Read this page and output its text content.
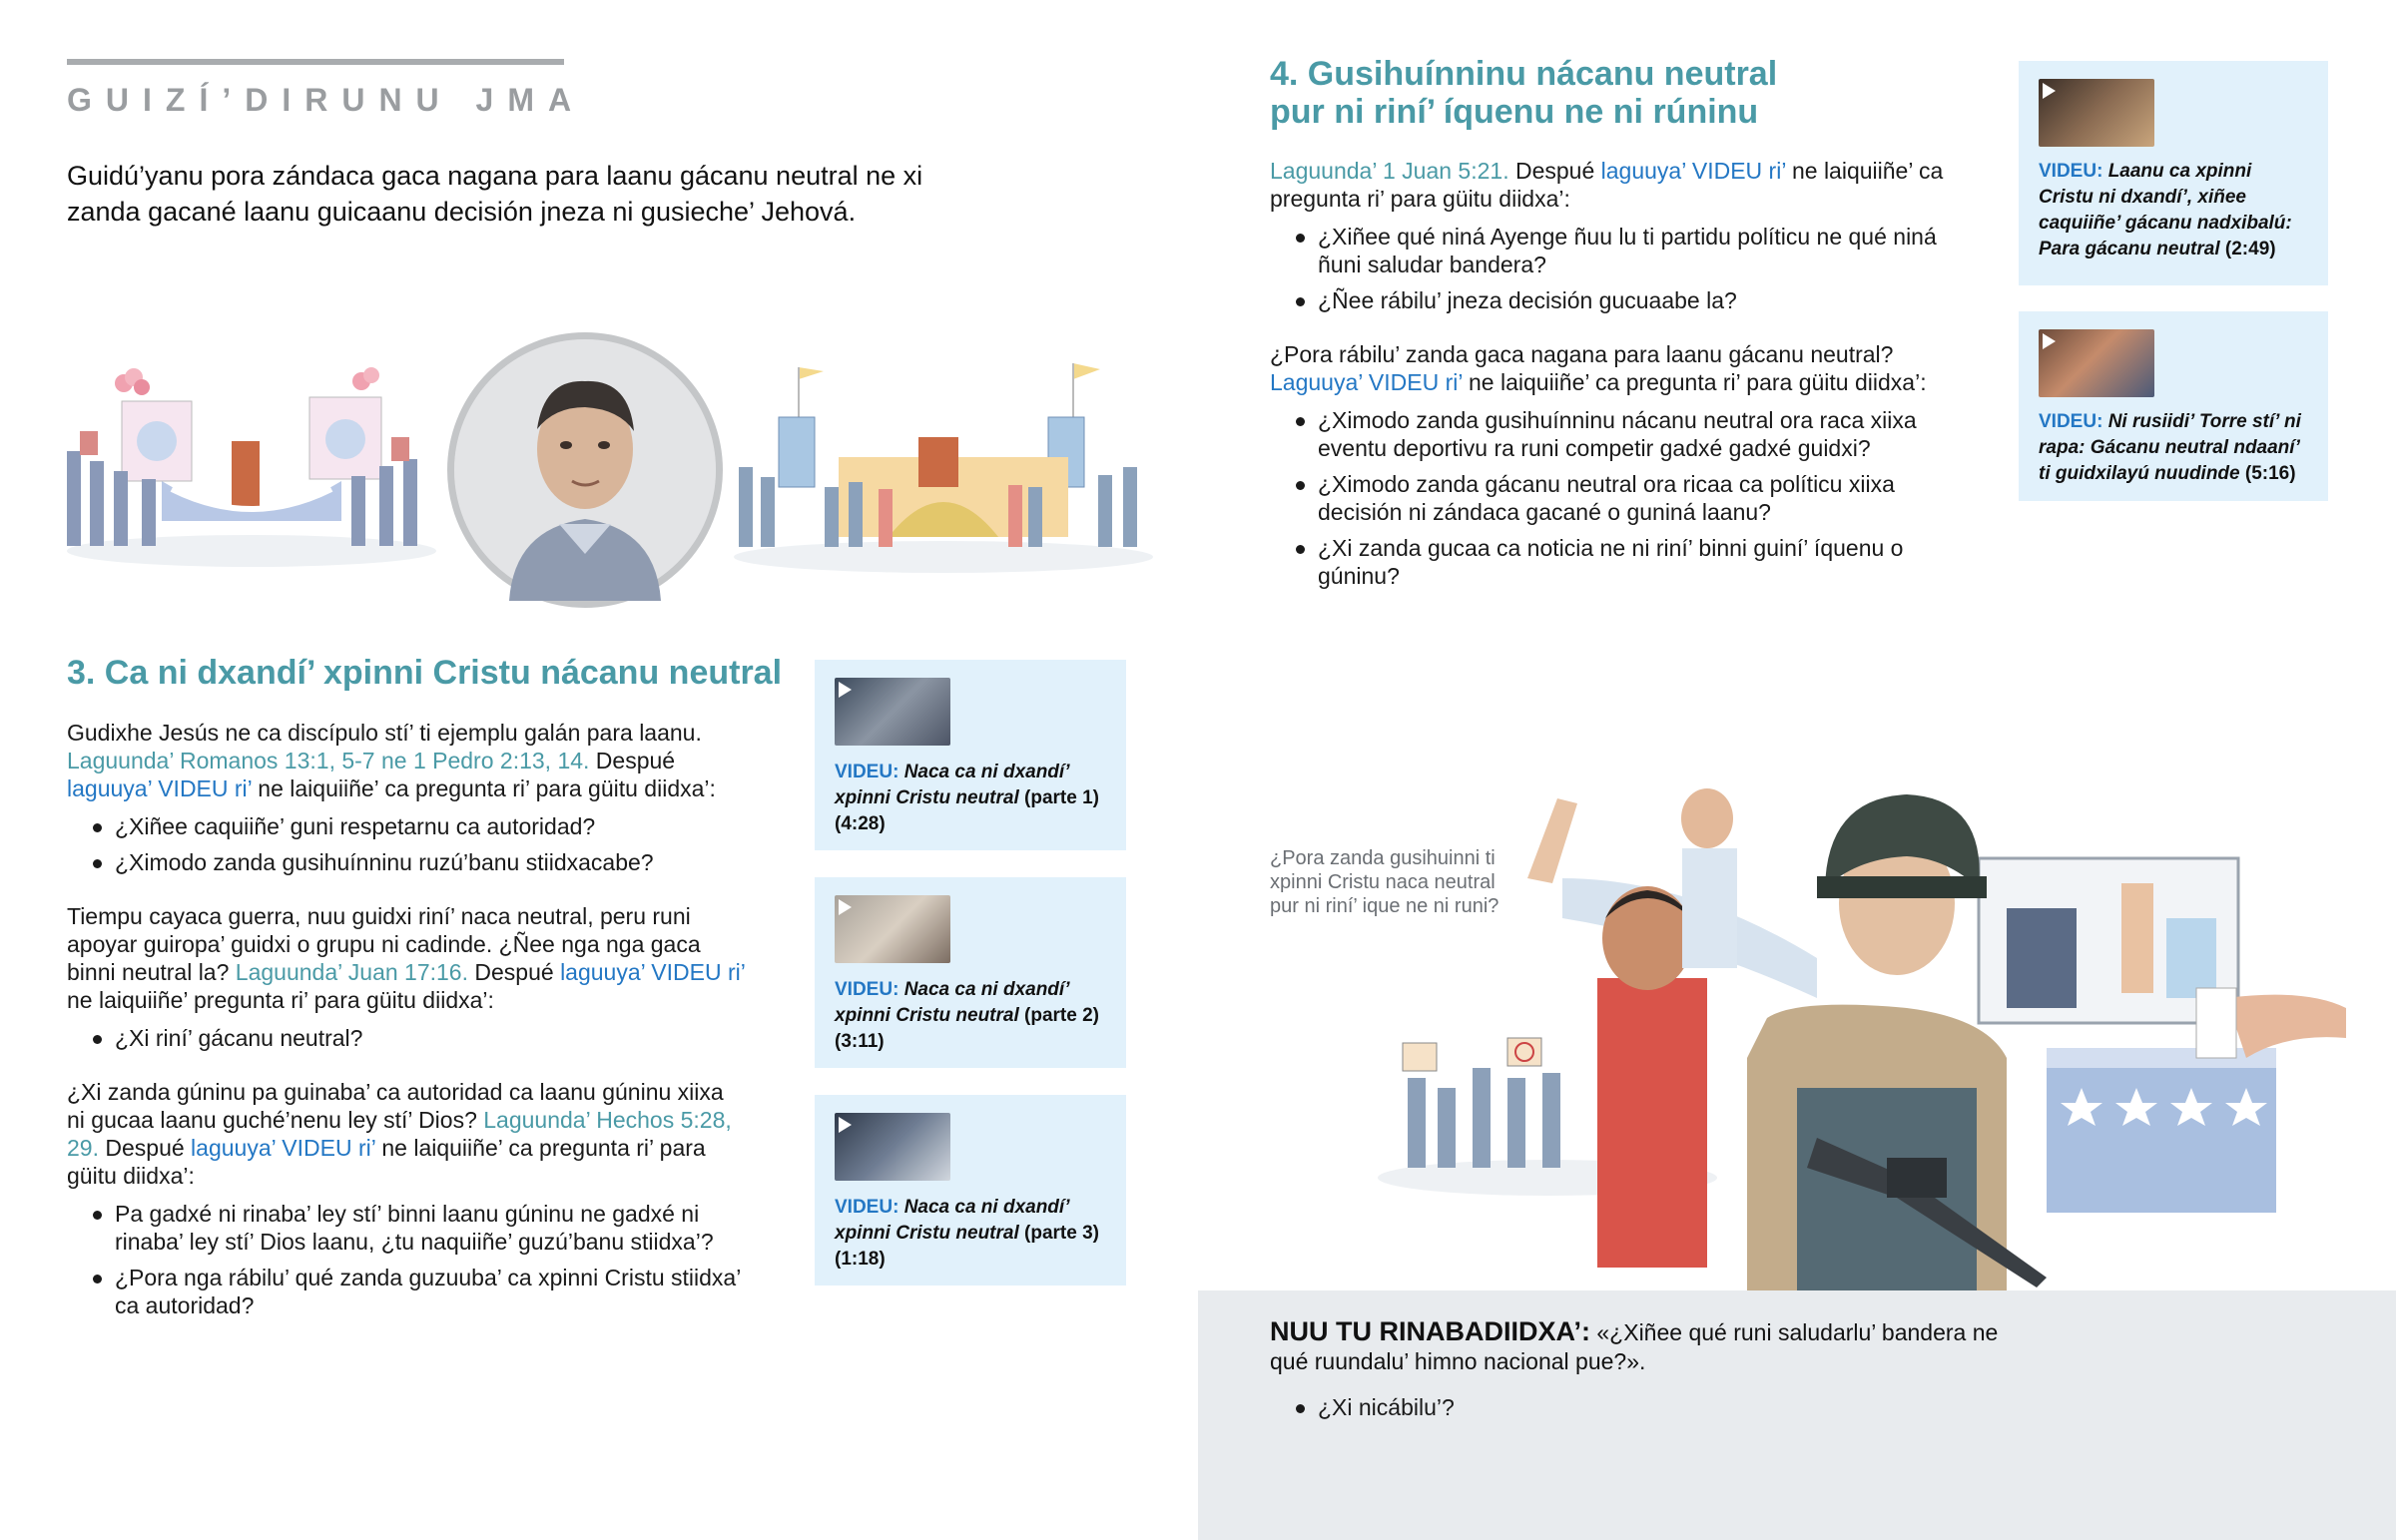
GUIZÍ’DIRUNU JMA
Guidú’yanu pora zándaca gaca nagana para laanu gácanu neutral ne xi zanda gacané laanu guicaanu decisión jneza ni gusieche’ Jehová.
3. Ca ni dxandí’ xpinni Cristu nácanu neutral
Gudixhe Jesús ne ca discípulo stí’ ti ejemplu galán para laanu. Laguunda’ Romanos 13:1, 5-7 ne 1 Pedro 2:13, 14. Despué laguuya’ VIDEU ri’ ne laiquiiñe’ ca pregunta ri’ para güitu diidxa’:
¿Xiñee caquiiñe’ guni respetarnu ca autoridad?
¿Ximodo zanda gusihuínninu ruzú’banu stiidxacabe?
Tiempu cayaca guerra, nuu guidxi riní’ naca neutral, peru runi apoyar guiropa’ guidxi o grupu ni cadinde. ¿Ñee nga nga gaca binni neutral la? Laguunda’ Juan 17:16. Despué laguuya’ VIDEU ri’ ne laiquiiñe’ pregunta ri’ para güitu diidxa’:
¿Xi riní’ gácanu neutral?
¿Xi zanda gúninu pa guinaba’ ca autoridad ca laanu gúninu xiixa ni gucaa laanu guché’nenu ley stí’ Dios? Laguunda’ Hechos 5:28, 29. Despué laguuya’ VIDEU ri’ ne laiquiiñe’ ca pregunta ri’ para güitu diidxa’:
Pa gadxé ni rinaba’ ley stí’ binni laanu gúninu ne gadxé ni rinaba’ ley stí’ Dios laanu, ¿tu naquiiñe’ guzú’banu stiidxa’?
¿Pora nga rábilu’ qué zanda guzuuba’ ca xpinni Cristu stiidxa’ ca autoridad?
VIDEU: Naca ca ni dxandí’ xpinni Cristu neutral (parte 1) (4:28)
VIDEU: Naca ca ni dxandí’ xpinni Cristu neutral (parte 2) (3:11)
VIDEU: Naca ca ni dxandí’ xpinni Cristu neutral (parte 3) (1:18)
4. Gusihuínninu nácanu neutral
pur ni riní’ íquenu ne ni rúninu
Laguunda’ 1 Juan 5:21. Despué laguuya’ VIDEU ri’ ne laiquiiñe’ ca pregunta ri’ para güitu diidxa’:
¿Xiñee qué niná Ayenge ñuu lu ti partidu políticu ne qué niná ñuni saludar bandera?
¿Ñee rábilu’ jneza decisión gucuaabe la?
¿Pora rábilu’ zanda gaca nagana para laanu gácanu neutral? Laguuya’ VIDEU ri’ ne laiquiiñe’ ca pregunta ri’ para güitu diidxa’:
¿Ximodo zanda gusihuínninu nácanu neutral ora raca xiixa eventu deportivu ra runi competir gadxé gadxé guidxi?
¿Ximodo zanda gácanu neutral ora ricaa ca políticu xiixa decisión ni zándaca gacané o guniná laanu?
¿Xi zanda gucaa ca noticia ne ni riní’ binni guiní’ íquenu o gúninu?
VIDEU: Laanu ca xpinni Cristu ni dxandí’, xiñee caquiiñe’ gácanu nadxibalú: Para gácanu neutral (2:49)
VIDEU: Ni rusiidi’ Torre stí’ ni rapa: Gácanu neutral ndaaní’ ti guidxilayú nuudinde (5:16)
¿Pora zanda gusihuinni ti xpinni Cristu naca neutral pur ni riní’ ique ne ni runi?
NUU TU RINABADIIDXA’: «¿Xiñee qué runi saludarlu’ bandera ne qué ruundalu’ himno nacional pue?».
¿Xi nicábilu’?
